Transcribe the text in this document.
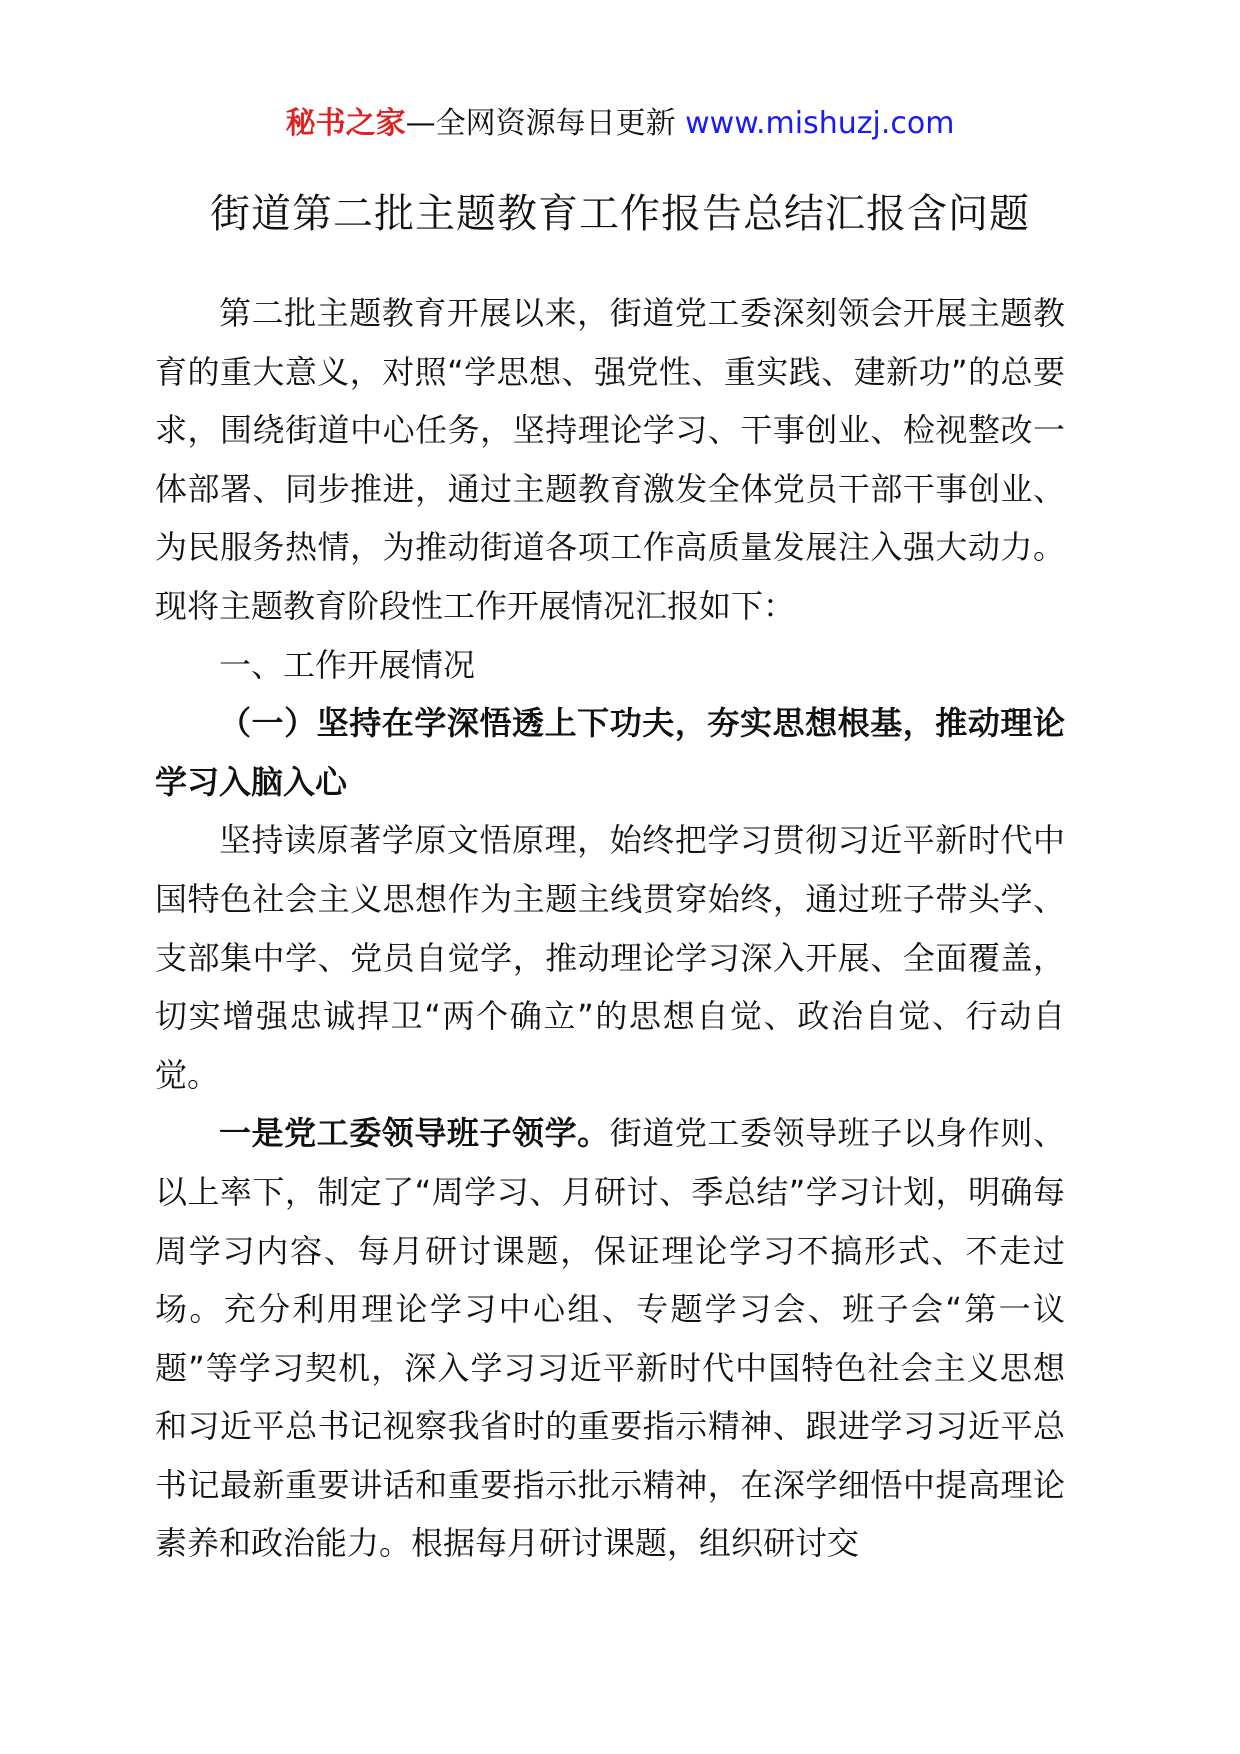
秘书之家—全网资源每日更新 www.mishuzj.com
街道第二批主题教育工作报告总结汇报含问题

第二批主题教育开展以来，街道党工委深刻领会开展主题教育的重大意义，对照“学思想、强党性、重实践、建新功”的总要求，围绕街道中心任务，坚持理论学习、干事创业、检视整改一体部署、同步推进，通过主题教育激发全体党员干部干事创业、为民服务热情，为推动街道各项工作高质量发展注入强大动力。现将主题教育阶段性工作开展情况汇报如下：

一、工作开展情况

（一）坚持在学深悟透上下功夫，夯实思想根基，推动理论学习入脑入心

坚持读原著学原文悟原理，始终把学习贯彻习近平新时代中国特色社会主义思想作为主题主线贯穿始终，通过班子带头学、支部集中学、党员自觉学，推动理论学习深入开展、全面覆盖，切实增强忠诚捍卫“两个确立”的思想自觉、政治自觉、行动自觉。

一是党工委领导班子领学。街道党工委领导班子以身作则、以上率下，制定了“周学习、月研讨、季总结”学习计划，明确每周学习内容、每月研讨课题，保证理论学习不搞形式、不走过场。充分利用理论学习中心组、专题学习会、班子会“第一议题”等学习契机，深入学习习近平新时代中国特色社会主义思想和习近平总书记视察我省时的重要指示精神、跟进学习习近平总书记最新重要讲话和重要指示批示精神，在深学细悟中提高理论素养和政治能力。根据每月研讨课题，组织研讨交
